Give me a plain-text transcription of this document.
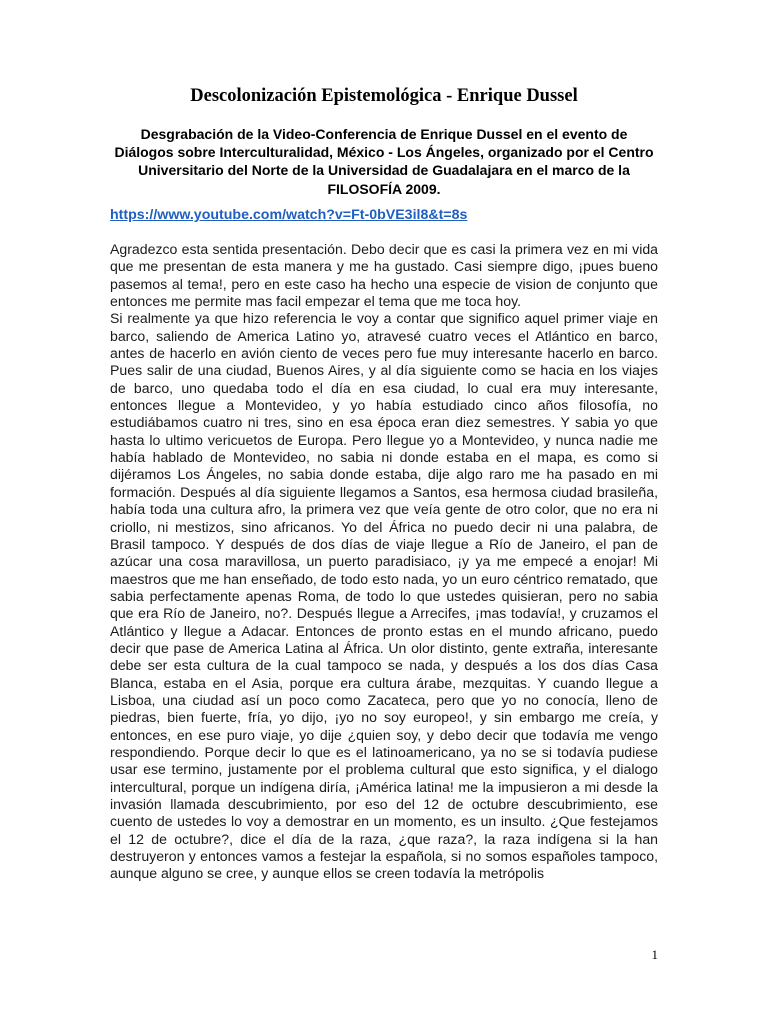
Descolonización Epistemológica - Enrique Dussel

Desgrabación de la Video-Conferencia de Enrique Dussel en el evento de Diálogos sobre Interculturalidad, México - Los Ángeles, organizado por el Centro Universitario del Norte de la Universidad de Guadalajara en el marco de la FILOSOFÍA 2009.

https://www.youtube.com/watch?v=Ft-0bVE3il8&t=8s

Agradezco esta sentida presentación. Debo decir que es casi la primera vez en mi vida que me presentan de esta manera y me ha gustado. Casi siempre digo, ¡pues bueno pasemos al tema!, pero en este caso ha hecho una especie de vision de conjunto que entonces me permite mas facil empezar el tema que me toca hoy.

Si realmente ya que hizo referencia le voy a contar que significo aquel primer viaje en barco, saliendo de America Latino yo, atravesé cuatro veces el Atlántico en barco, antes de hacerlo en avión ciento de veces pero fue muy interesante hacerlo en barco. Pues salir de una ciudad, Buenos Aires, y al día siguiente como se hacia en los viajes de barco, uno quedaba todo el día en esa ciudad, lo cual era muy interesante, entonces llegue a Montevideo, y yo había estudiado cinco años filosofía, no estudiábamos cuatro ni tres, sino en esa época eran diez semestres. Y sabia yo que hasta lo ultimo vericuetos de Europa. Pero llegue yo a Montevideo, y nunca nadie me había hablado de Montevideo, no sabia ni donde estaba en el mapa, es como si dijéramos Los Ángeles, no sabia donde estaba, dije algo raro me ha pasado en mi formación. Después al día siguiente llegamos a Santos, esa hermosa ciudad brasileña, había toda una cultura afro, la primera vez que veía gente de otro color, que no era ni criollo, ni mestizos, sino africanos. Yo del África no puedo decir ni una palabra, de Brasil tampoco. Y después de dos días de viaje llegue a Río de Janeiro, el pan de azúcar una cosa maravillosa, un puerto paradisiaco, ¡y ya me empecé a enojar! Mi maestros que me han enseñado, de todo esto nada, yo un euro céntrico rematado, que sabia perfectamente apenas Roma, de todo lo que ustedes quisieran, pero no sabia que era Río de Janeiro, no?. Después llegue a Arrecifes, ¡mas todavía!, y cruzamos el Atlántico y llegue a Adacar. Entonces de pronto estas en el mundo africano, puedo decir que pase de America Latina al África. Un olor distinto, gente extraña, interesante debe ser esta cultura de la cual tampoco se nada, y después a los dos días Casa Blanca, estaba en el Asia, porque era cultura árabe, mezquitas. Y cuando llegue a Lisboa, una ciudad así un poco como Zacateca, pero que yo no conocía, lleno de piedras, bien fuerte, fría, yo dijo, ¡yo no soy europeo!, y sin embargo me creía, y entonces, en ese puro viaje, yo dije ¿quien soy, y debo decir que todavía me vengo respondiendo. Porque decir lo que es el latinoamericano, ya no se si todavía pudiese usar ese termino, justamente por el problema cultural que esto significa, y el dialogo intercultural, porque un indígena diría, ¡América latina! me la impusieron a mi desde la invasión llamada descubrimiento, por eso del 12 de octubre descubrimiento, ese cuento de ustedes lo voy a demostrar en un momento, es un insulto. ¿Que festejamos el 12 de octubre?, dice el día de la raza, ¿que raza?, la raza indígena si la han destruyeron y entonces vamos a festejar la española, si no somos españoles tampoco, aunque alguno se cree, y aunque ellos se creen todavía la metrópolis

1
